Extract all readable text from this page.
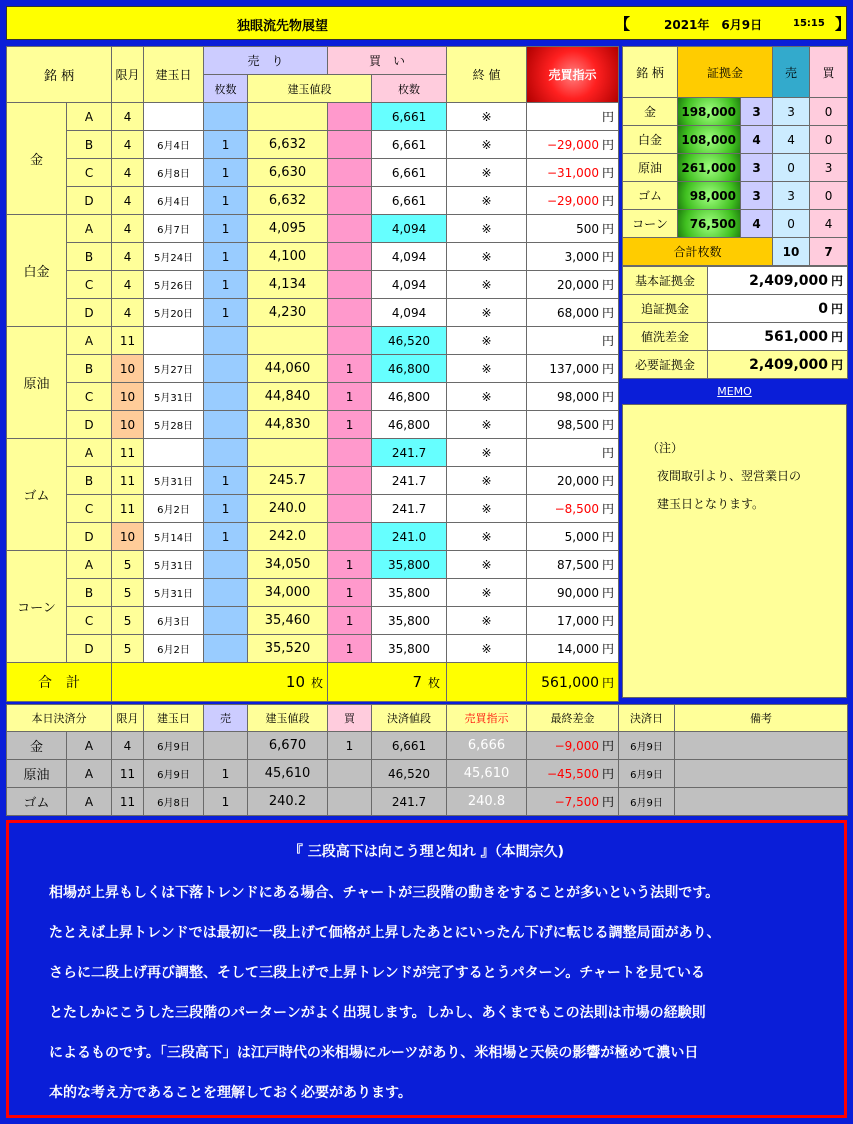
独眼流先物展望	【	2021年　6月9日	15:15 】
銘 柄		限月	建玉日	売　り		買　い		終 値	売買指示	
				枚数	建玉値段		枚数			
金	A	4					6,661	※	円	
	B	4	6月4日	1	6,632		6,661	※	−29,000 円	
	C	4	6月8日	1	6,630		6,661	※	−31,000 円	
	D	4	6月4日	1	6,632		6,661	※	−29,000 円	
白金	A	4	6月7日	1	4,095		4,094	※	500 円	
	B	4	5月24日	1	4,100		4,094	※	3,000 円	
	C	4	5月26日	1	4,134		4,094	※	20,000 円	
	D	4	5月20日	1	4,230		4,094	※	68,000 円	
原油	A	11					46,520	※	円	
	B	10	5月27日		44,060	1	46,800	※	137,000 円	
	C	10	5月31日		44,840	1	46,800	※	98,000 円	
	D	10	5月28日		44,830	1	46,800	※	98,500 円	
ゴム	A	11					241.7	※	円	
	B	11	5月31日	1	245.7		241.7	※	20,000 円	
	C	11	6月2日	1	240.0		241.7	※	−8,500 円	
	D	10	5月14日	1	242.0		241.0	※	5,000 円	
コーン	A	5	5月31日		34,050	1	35,800	※	87,500 円	
	B	5	5月31日		34,000	1	35,800	※	90,000 円	
	C	5	6月3日		35,460	1	35,800	※	17,000 円	
	D	5	6月2日		35,520	1	35,800	※	14,000 円	
合　計		10 枚				7 枚			561,000 円	
銘 柄	証拠金		売	買
金	198,000	3	3	0
白金	108,000	4	4	0
原油	261,000	3	0	3
ゴム	98,000	3	3	0
コーン	76,500	4	0	4
合計枚数			10	7
基本証拠金	2,409,000 円
追証拠金	0 円
値洗差金	561,000 円
必要証拠金	2,409,000 円
MEMO
（注）
夜間取引より、翌営業日の
建玉日となります。
本日決済分		限月	建玉日	売	建玉値段	買	決済値段	売買指示	最終差金	決済日	備考
金	A	4	6月9日		6,670	1	6,661	6,666	−9,000 円	6月9日	
原油	A	11	6月9日	1	45,610		46,520	45,610	−45,500 円	6月9日	
ゴム	A	11	6月8日	1	240.2		241.7	240.8	−7,500 円	6月9日	
『 三段高下は向こう理と知れ 』（本間宗久)
相場が上昇もしくは下落トレンドにある場合、チャートが三段階の動きをすることが多いという法則です。
たとえば上昇トレンドでは最初に一段上げて価格が上昇したあとにいったん下げに転じる調整局面があり、
さらに二段上げ再び調整、そして三段上げで上昇トレンドが完了するとうパターン。チャートを見ている
とたしかにこうした三段階のパーターンがよく出現します。しかし、あくまでもこの法則は市場の経験則
によるものです。「三段高下」は江戸時代の米相場にルーツがあり、米相場と天候の影響が極めて濃い日
本的な考え方であることを理解しておく必要があります。
